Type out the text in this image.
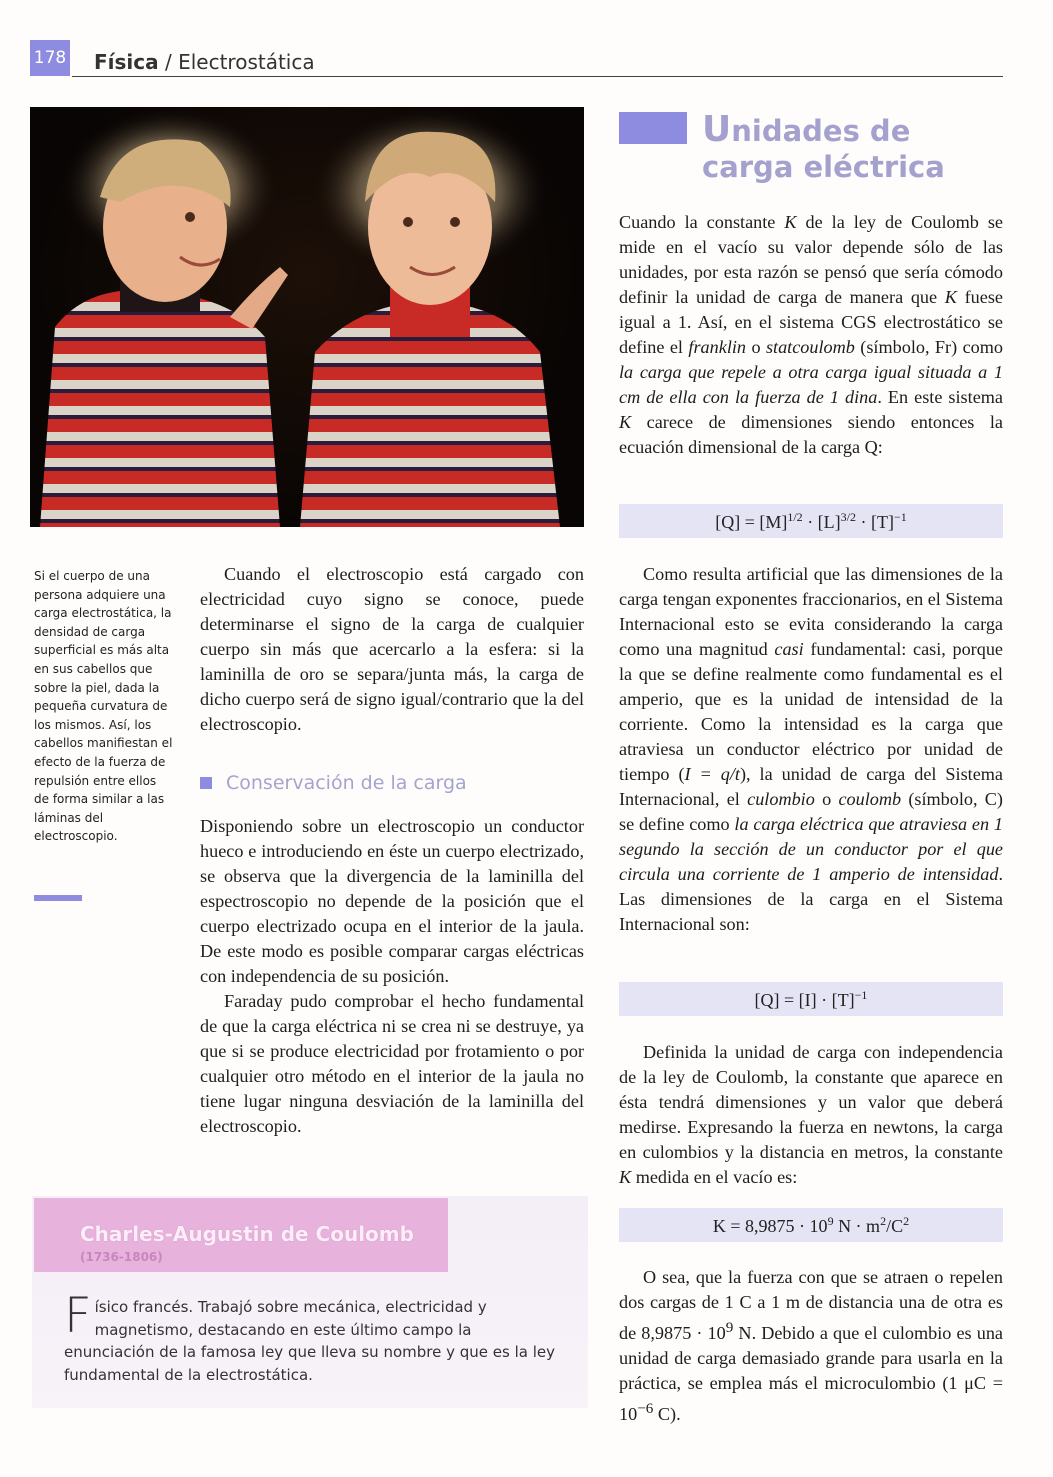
178 Física / Electrostática
Si el cuerpo de una persona adquiere una carga electrostática, la densidad de carga superficial es más alta en sus cabellos que sobre la piel, dada la pequeña curvatura de los mismos. Así, los cabellos manifiestan el efecto de la fuerza de repulsión entre ellos de forma similar a las láminas del electroscopio.

Cuando el electroscopio está cargado con electricidad cuyo signo se conoce, puede determinarse el signo de la carga de cualquier cuerpo sin más que acercarlo a la esfera: si la laminilla de oro se separa/junta más, la carga de dicho cuerpo será de signo igual/contrario que la del electroscopio.

Conservación de la carga

Disponiendo sobre un electroscopio un conductor hueco e introduciendo en éste un cuerpo electrizado, se observa que la divergencia de la laminilla del espectroscopio no depende de la posición que el cuerpo electrizado ocupa en el interior de la jaula. De este modo es posible comparar cargas eléctricas con independencia de su posición.

Faraday pudo comprobar el hecho fundamental de que la carga eléctrica ni se crea ni se destruye, ya que si se produce electricidad por frotamiento o por cualquier otro método en el interior de la jaula no tiene lugar ninguna desviación de la laminilla del electroscopio.

Charles-Augustin de Coulomb
(1736-1806)
Físico francés. Trabajó sobre mecánica, electricidad y magnetismo, destacando en este último campo la enunciación de la famosa ley que lleva su nombre y que es la ley fundamental de la electrostática.
Unidades de
carga eléctrica

Cuando la constante K de la ley de Coulomb se mide en el vacío su valor depende sólo de las unidades, por esta razón se pensó que sería cómodo definir la unidad de carga de manera que K fuese igual a 1. Así, en el sistema CGS electrostático se define el franklin o statcoulomb (símbolo, Fr) como la carga que repele a otra carga igual situada a 1 cm de ella con la fuerza de 1 dina. En este sistema K carece de dimensiones siendo entonces la ecuación dimensional de la carga Q:

$[Q] = [M]^{1/2} \cdot [L]^{3/2} \cdot [T]^{-1}$

Como resulta artificial que las dimensiones de la carga tengan exponentes fraccionarios, en el Sistema Internacional esto se evita considerando la carga como una magnitud casi fundamental: casi, porque la que se define realmente como fundamental es el amperio, que es la unidad de intensidad de la corriente. Como la intensidad es la carga que atraviesa un conductor eléctrico por unidad de tiempo (I = q/t), la unidad de carga del Sistema Internacional, el culombio o coulomb (símbolo, C) se define como la carga eléctrica que atraviesa en 1 segundo la sección de un conductor por el que circula una corriente de 1 amperio de intensidad. Las dimensiones de la carga en el Sistema Internacional son:

$[Q] = [I] \cdot [T]^{-1}$

Definida la unidad de carga con independencia de la ley de Coulomb, la constante que aparece en ésta tendrá dimensiones y un valor que deberá medirse. Expresando la fuerza en newtons, la carga en culombios y la distancia en metros, la constante K medida en el vacío es:

$K = 8,9875 \cdot 10^9$ $N \cdot m^2/C^2$

O sea, que la fuerza con que se atraen o repelen dos cargas de 1 C a 1 m de distancia una de otra es de $8,9875 \cdot 10^9$ N. Debido a que el culombio es una unidad de carga demasiado grande para usarla en la práctica, se emplea más el microculombio (1 $\mu C = 10^{-6}$ C).
